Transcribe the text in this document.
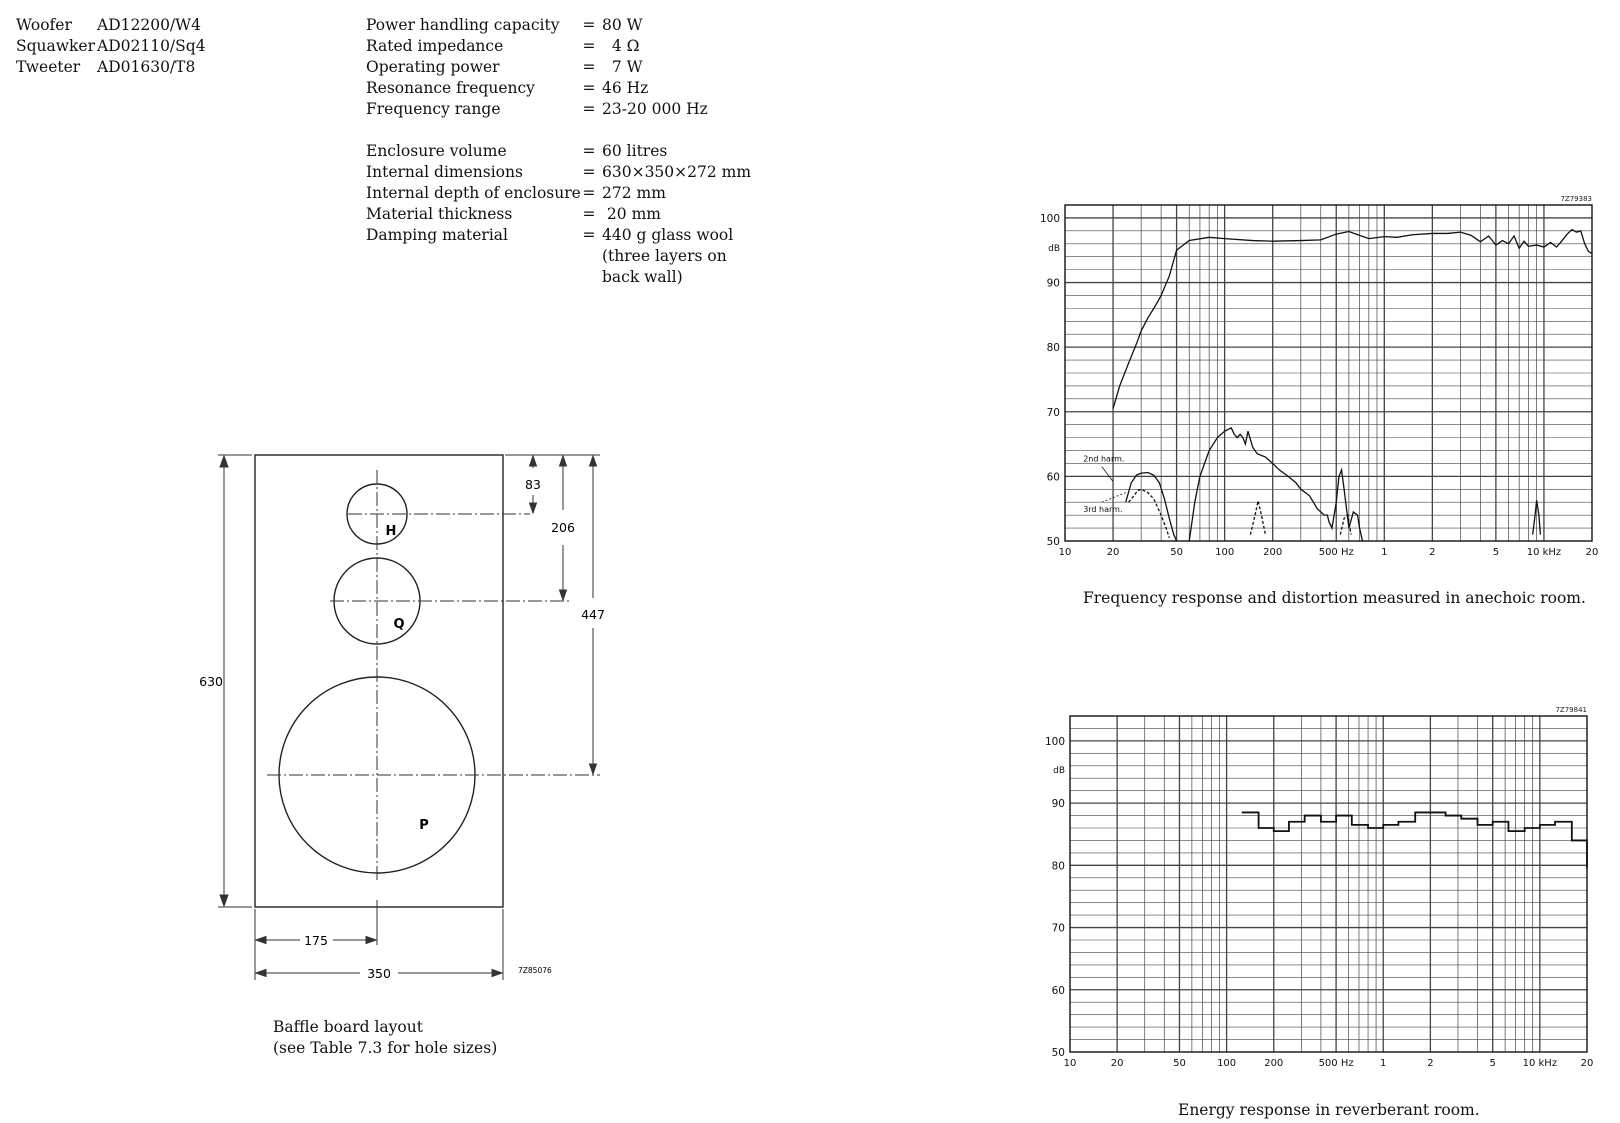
Woofer	AD12200/W4
Squawker AD02110/Sq4
Tweeter	AD01630/T8
Power handling capacity	= 80 W
Rated impedance	= 4 Ω
Operating power	= 7 W
Resonance frequency	= 46 Hz
Frequency range	= 23-20 000 Hz
Enclosure volume	= 60 litres
Internal dimensions	= 630×350×272 mm
Internal depth of enclosure = 272 mm
Material thickness	= 20 mm
Damping material	= 440 g glass wool
(three layers on
back wall)
630
83
206
447
175
350
H
Q
P
7Z85076
Baffle board layout
(see Table 7.3 for hole sizes)
100
90
80
70
60
50
dB
10	20	50	100	200	500 Hz	1	2	5	10 kHz 20
7Z79383
2nd harm.
3rd harm.
Frequency response and distortion measured in anechoic room.
100
90
80
70
60
50
dB
10	20	50	100	200	500 Hz	1	2	5	10 kHz 20
7Z79841
Energy response in reverberant room.
